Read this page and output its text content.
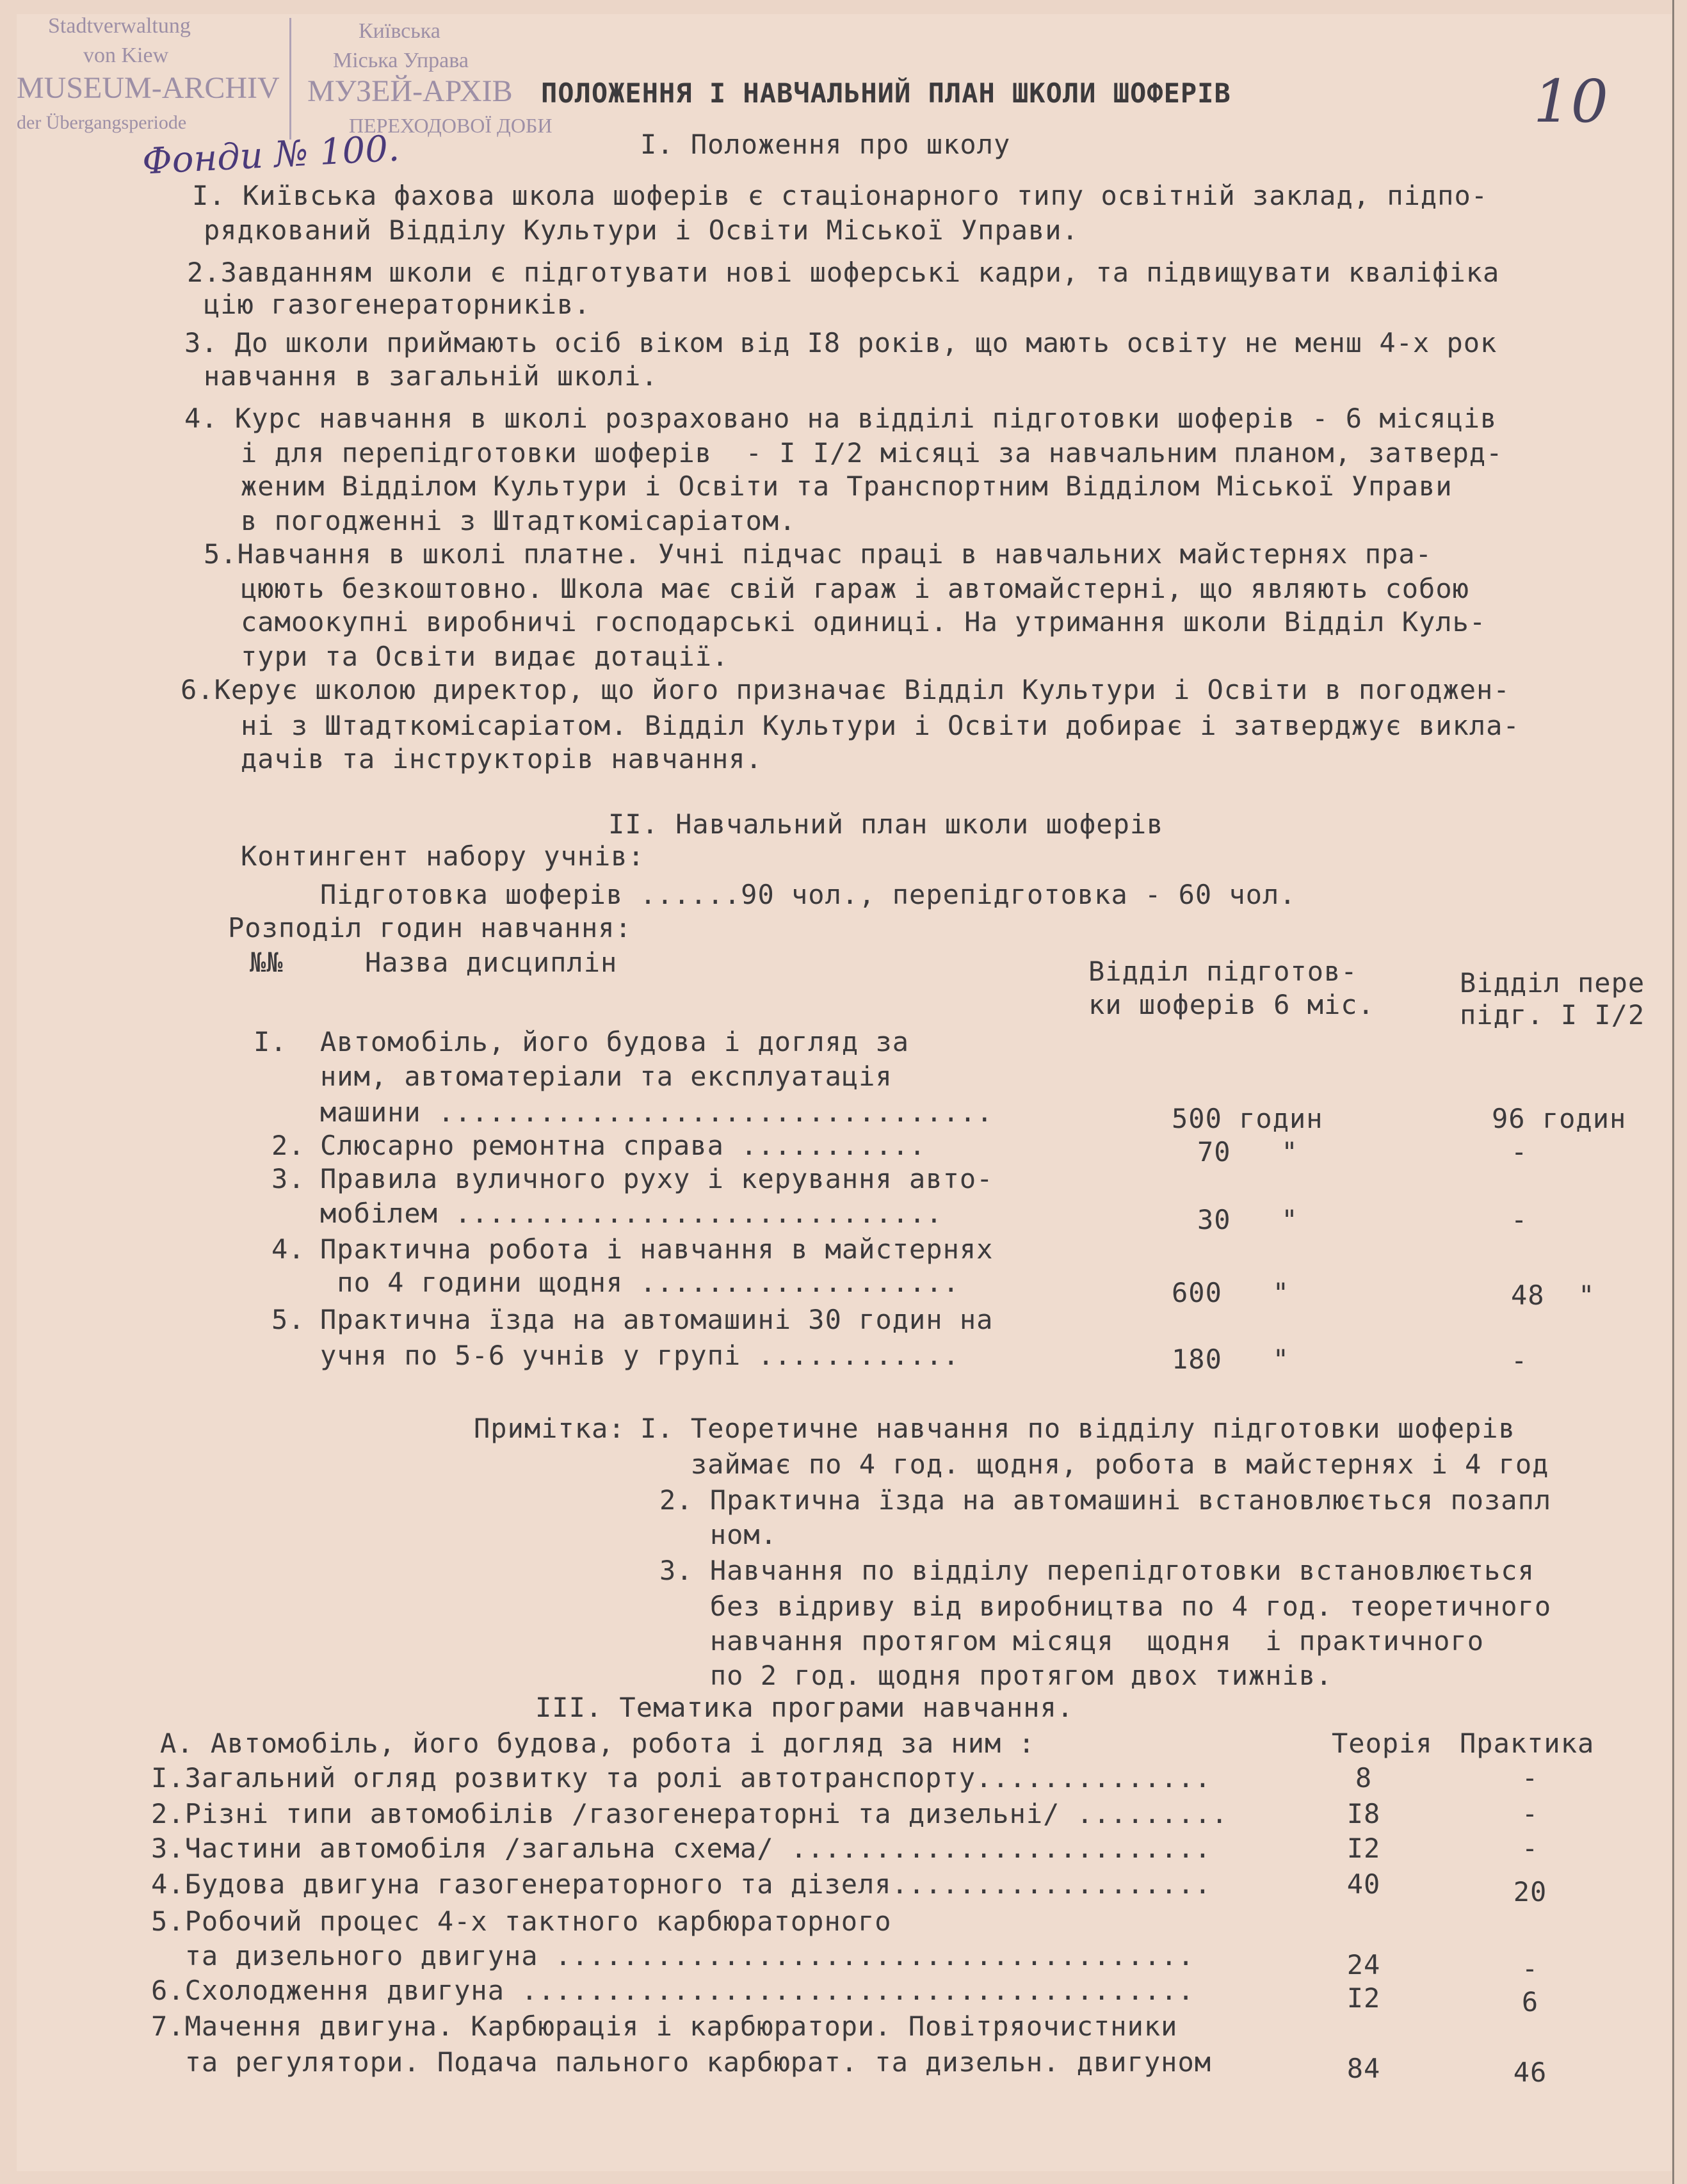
Stadtverwaltung
von Kiew
MUSEUM-ARCHIV
der Übergangsperiode
Київська
Міська Управа
МУЗЕЙ-АРХІВ
ПЕРЕХОДОВОЇ ДОБИ
Фонди № 100.
10
ПОЛОЖЕННЯ І НАВЧАЛЬНИЙ ПЛАН ШКОЛИ ШОФЕРІВ
I. Положення про школу
I. Київська фахова школа шоферів є стаціонарного типу освітній заклад, підпо-
рядкований Відділу Культури і Освіти Міської Управи.
2.Завданням школи є підготувати нові шоферські кадри, та підвищувати кваліфіка
цію газогенераторників.
3. До школи приймають осіб віком від I8 років, що мають освіту не менш 4-х рок
навчання в загальній школі.
4. Курс навчання в школі розраховано на відділі підготовки шоферів - 6 місяців
і для перепідготовки шоферів  - I I/2 місяці за навчальним планом, затверд-
женим Відділом Культури і Освіти та Транспортним Відділом Міської Управи
в погодженні з Штадткомісаріатом.
5.Навчання в школі платне. Учні підчас праці в навчальних майстернях пра-
цюють безкоштовно. Школа має свій гараж і автомайстерні, що являють собою
самоокупні виробничі господарські одиниці. На утримання школи Відділ Куль-
тури та Освіти видає дотації.
6.Керує школою директор, що його призначає Відділ Культури і Освіти в погоджен-
ні з Штадткомісаріатом. Відділ Культури і Освіти добирає і затверджує викла-
дачів та інструкторів навчання.
II. Навчальний план школи шоферів
Контингент набору учнів:
Підготовка шоферів ......90 чол., перепідготовка - 60 чол.
Розподіл годин навчання:
№№	Назва дисциплін	Відділ підготов-
ки шоферів 6 міс.
Відділ пере
підг. I I/2
I. Автомобіль, його будова і догляд за
ним, автоматеріали та експлуатація
машини .................................	500 годин	96 годин
2. Слюсарно ремонтна справа ...........	70   "	-
3. Правила вуличного руху і керування авто-
мобілем .............................	30   "	-
4. Практична робота і навчання в майстернях
по 4 години щодня ...................	600   "	48  "
5. Практична їзда на автомашині 30 годин на
учня по 5-6 учнів у групі ............	180   "	-
Примітка: I. Теоретичне навчання по відділу підготовки шоферів
займає по 4 год. щодня, робота в майстернях і 4 год
2. Практична їзда на автомашині встановлюється позапл
ном.
3. Навчання по відділу перепідготовки встановлюється
без відриву від виробництва по 4 год. теоретичного
навчання протягом місяця  щодня  і практичного
по 2 год. щодня протягом двох тижнів.
III. Тематика програми навчання.
А. Автомобіль, його будова, робота і догляд за ним :	Теорія Практика
I.Загальний огляд розвитку та ролі автотранспорту..............	8	-
2.Різні типи автомобілів /газогенераторні та дизельні/ .........	I8	-
3.Частини автомобіля /загальна схема/ .........................	I2	-
4.Будова двигуна газогенераторного та дізеля...................	40	20
5.Робочий процес 4-х тактного карбюраторного
та дизельного двигуна ......................................	24	-
6.Схолодження двигуна ........................................	I2	6
7.Мачення двигуна. Карбюрація і карбюратори. Повітряочистники
та регулятори. Подача пального карбюрат. та дизельн. двигуном	84	46
